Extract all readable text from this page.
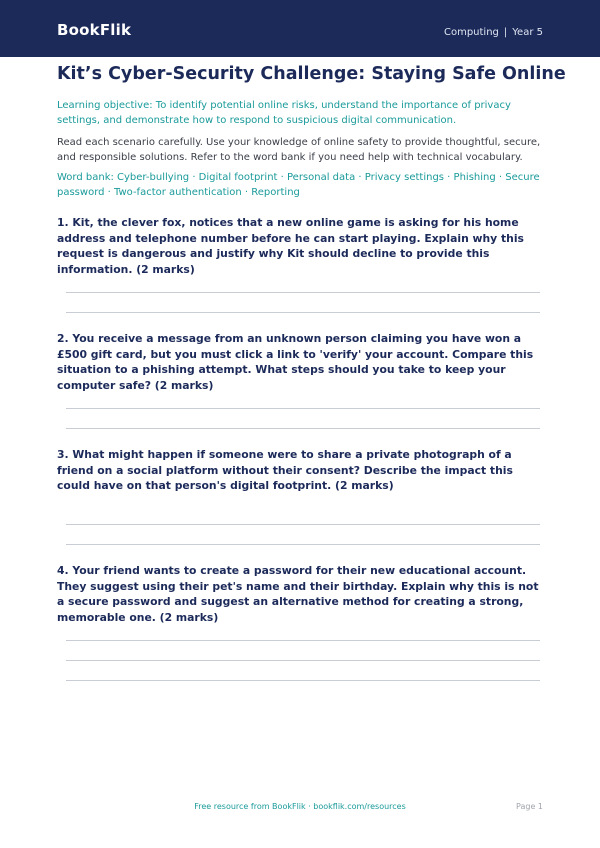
BookFlik	Computing | Year 5
Kit’s Cyber-Security Challenge: Staying Safe Online

Learning objective: To identify potential online risks, understand the importance of privacy settings, and demonstrate how to respond to suspicious digital communication.

Read each scenario carefully. Use your knowledge of online safety to provide thoughtful, secure, and responsible solutions. Refer to the word bank if you need help with technical vocabulary.

Word bank: Cyber-bullying · Digital footprint · Personal data · Privacy settings · Phishing · Secure password · Two-factor authentication · Reporting

1. Kit, the clever fox, notices that a new online game is asking for his home address and telephone number before he can start playing. Explain why this request is dangerous and justify why Kit should decline to provide this information. (2 marks)

2. You receive a message from an unknown person claiming you have won a £500 gift card, but you must click a link to 'verify' your account. Compare this situation to a phishing attempt. What steps should you take to keep your computer safe? (2 marks)

3. What might happen if someone were to share a private photograph of a friend on a social platform without their consent? Describe the impact this could have on that person's digital footprint. (2 marks)

4. Your friend wants to create a password for their new educational account. They suggest using their pet's name and their birthday. Explain why this is not a secure password and suggest an alternative method for creating a strong, memorable one. (2 marks)

Free resource from BookFlik · bookflik.com/resources	Page 1
